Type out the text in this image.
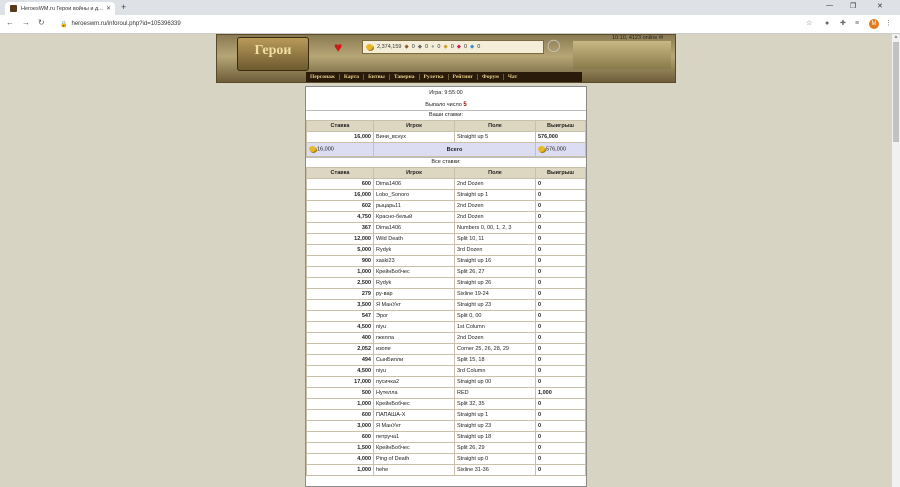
HeroesWM.ru Герои войны и д... ✕ +	— ❐	✕
← → ↻	🔒 heroeswm.ru/inforoul.php?id=105396339	☆ ● ✚ ≡	⋮
M
▲
Герои	♥	2,374,159 ◆ 0 ◆ 0 ● 0 ◆ 0 ◆ 0 ◆ 0	◯	10:10, 4123 online ✉
Персонаж	Карта	Битвы	Таверна	Рулетка	Рейтинг	Форум	Чат
Игра: 9:55:00
Выпало число 5
Ваши ставки:
Ставка	Игрок	Поле	Выигрыш
16,000	Вини_вснух	Straight up 5	576,000
16,000	Всего		576,000
Все ставки:
Ставка	Игрок	Поле	Выигрыш
600	Dima1406	2nd Dozen	0
16,000	Lobo_Sonoro	Straight up 1	0
602	рыцарь11	2nd Dozen	0
4,750	Красно-белый	2nd Dozen	0
367	Dima1406	Numbers 0, 00, 1, 2, 3	0
12,000	Wild Death	Split 10, 11	0
5,000	Rydyk	3rd Dozen	0
900	xaski23	Straight up 16	0
1,000	КрейнБобчес	Split 26, 27	0
2,500	Rydyk	Straight up 26	0
279	ру-вар	Sixline 19-24	0
3,500	Я МанУнт	Straight up 23	0
547	Эрог	Split 0, 00	0
4,500	niyu	1st Column	0
400	гжелла	2nd Dozen	0
2,052	изопе	Corner 25, 26, 28, 29	0
494	СынБилли	Split 15, 18	0
4,500	niyu	3rd Column	0
17,000	пусичка2	Straight up 00	0
500	Нутелла	RED	1,000
1,000	КрейнБобчес	Split 32, 35	0
600	ПАПАША-X	Straight up 1	0
3,000	Я МанУнт	Straight up 23	0
600	петруча1	Straight up 18	0
1,500	КрейнБобчес	Split 26, 29	0
4,000	Ping of Death	Straight up 0	0
1,000	hehe	Sixline 31-36	0
